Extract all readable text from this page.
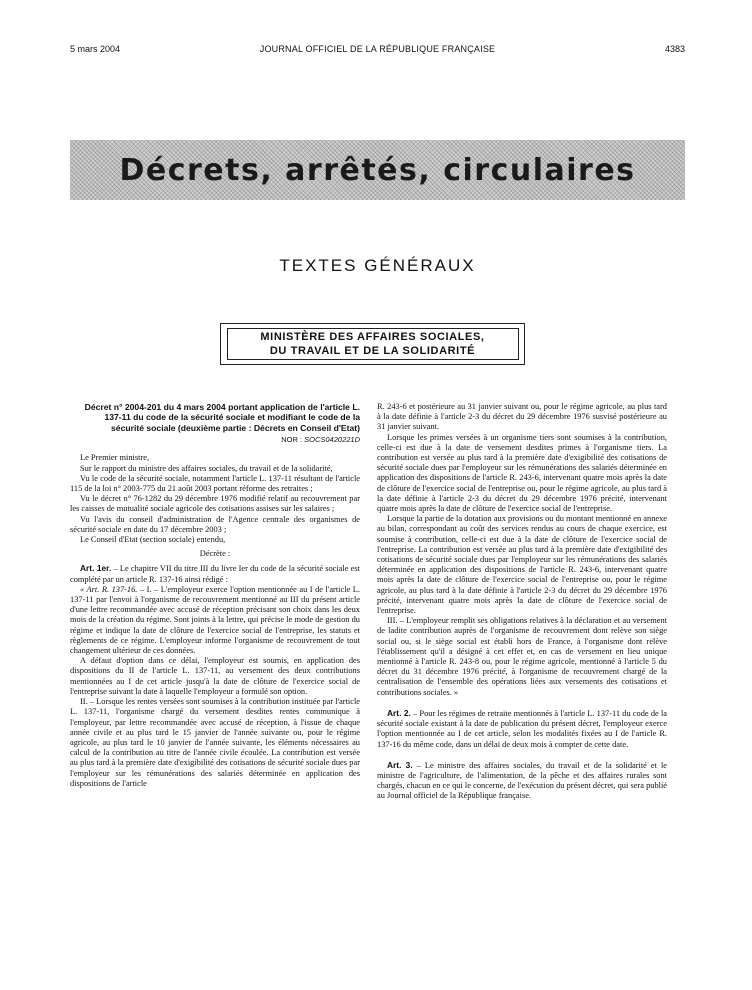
5 mars 2004	JOURNAL OFFICIEL DE LA RÉPUBLIQUE FRANÇAISE	4383
Décrets, arrêtés, circulaires
TEXTES GÉNÉRAUX
MINISTÈRE DES AFFAIRES SOCIALES,
DU TRAVAIL ET DE LA SOLIDARITÉ
Décret n° 2004-201 du 4 mars 2004 portant application de l'article L. 137-11 du code de la sécurité sociale et modifiant le code de la sécurité sociale (deuxième partie : Décrets en Conseil d'Etat)
NOR : SOCS0420221D

Le Premier ministre,

Sur le rapport du ministre des affaires sociales, du travail et de la solidarité,

Vu le code de la sécurité sociale, notamment l'article L. 137-11 résultant de l'article 115 de la loi n° 2003-775 du 21 août 2003 portant réforme des retraites ;

Vu le décret n° 76-1282 du 29 décembre 1976 modifié relatif au recouvrement par les caisses de mutualité sociale agricole des cotisations assises sur les salaires ;

Vu l'avis du conseil d'administration de l'Agence centrale des organismes de sécurité sociale en date du 17 décembre 2003 ;

Le Conseil d'Etat (section sociale) entendu,

Décrète :

Art. 1er. – Le chapitre VII du titre III du livre Ier du code de la sécurité sociale est complété par un article R. 137-16 ainsi rédigé :

« Art. R. 137-16. – I. – L'employeur exerce l'option mentionnée au I de l'article L. 137-11 par l'envoi à l'organisme de recouvrement mentionné au III du présent article d'une lettre recommandée avec accusé de réception précisant son choix dans les deux mois de la création du régime. Sont joints à la lettre, qui précise le mode de gestion du régime et indique la date de clôture de l'exercice social de l'entreprise, les statuts et règlements de ce régime. L'employeur informe l'organisme de recouvrement de tout changement ultérieur de ces données.

A défaut d'option dans ce délai, l'employeur est soumis, en application des dispositions du II de l'article L. 137-11, au versement des deux contributions mentionnées au I de cet article jusqu'à la date de clôture de l'exercice social de l'entreprise suivant la date à laquelle l'employeur a formulé son option.

II. – Lorsque les rentes versées sont soumises à la contribution instituée par l'article L. 137-11, l'organisme chargé du versement desdites rentes communique à l'employeur, par lettre recommandée avec accusé de réception, à l'issue de chaque année civile et au plus tard le 15 janvier de l'année suivante ou, pour le régime agricole, au plus tard le 10 janvier de l'année suivante, les éléments nécessaires au calcul de la contribution au titre de l'année civile écoulée. La contribution est versée au plus tard à la première date d'exigibilité des cotisations de sécurité sociale dues par l'employeur sur les rémunérations des salariés déterminée en application des dispositions de l'article

R. 243-6 et postérieure au 31 janvier suivant ou, pour le régime agricole, au plus tard à la date définie à l'article 2-3 du décret du 29 décembre 1976 susvisé postérieure au 31 janvier suivant.

Lorsque les primes versées à un organisme tiers sont soumises à la contribution, celle-ci est due à la date de versement desdites primes à l'organisme tiers. La contribution est versée au plus tard à la première date d'exigibilité des cotisations de sécurité sociale dues par l'employeur sur les rémunérations des salariés déterminée en application des dispositions de l'article R. 243-6, intervenant quatre mois après la date de clôture de l'exercice social de l'entreprise ou, pour le régime agricole, au plus tard à la date définie à l'article 2-3 du décret du 29 décembre 1976 précité, intervenant quatre mois après la date de clôture de l'exercice social de l'entreprise.

Lorsque la partie de la dotation aux provisions ou du montant mentionné en annexe au bilan, correspondant au coût des services rendus au cours de chaque exercice, est soumise à contribution, celle-ci est due à la date de clôture de l'exercice social de l'entreprise. La contribution est versée au plus tard à la première date d'exigibilité des cotisations de sécurité sociale dues par l'employeur sur les rémunérations des salariés déterminée en application des dispositions de l'article R. 243-6, intervenant quatre mois après la date de clôture de l'exercice social de l'entreprise ou, pour le régime agricole, au plus tard à la date définie à l'article 2-3 du décret du 29 décembre 1976 précité, intervenant quatre mois après la date de clôture de l'exercice social de l'entreprise.

III. – L'employeur remplit ses obligations relatives à la déclaration et au versement de ladite contribution auprès de l'organisme de recouvrement dont relève son siège social ou, si le siège social est établi hors de France, à l'organisme dont relève l'établissement qu'il a désigné à cet effet et, en cas de versement en lieu unique mentionné à l'article R. 243-8 ou, pour le régime agricole, mentionné à l'article 5 du décret du 31 décembre 1976 précité, à l'organisme de recouvrement chargé de la centralisation de l'ensemble des opérations liées aux versements des cotisations et contributions sociales. »

Art. 2. – Pour les régimes de retraite mentionnés à l'article L. 137-11 du code de la sécurité sociale existant à la date de publication du présent décret, l'employeur exerce l'option mentionnée au I de cet article, selon les modalités fixées au I de l'article R. 137-16 du même code, dans un délai de deux mois à compter de cette date.

Art. 3. – Le ministre des affaires sociales, du travail et de la solidarité et le ministre de l'agriculture, de l'alimentation, de la pêche et des affaires rurales sont chargés, chacun en ce qui le concerne, de l'exécution du présent décret, qui sera publié au Journal officiel de la République française.
